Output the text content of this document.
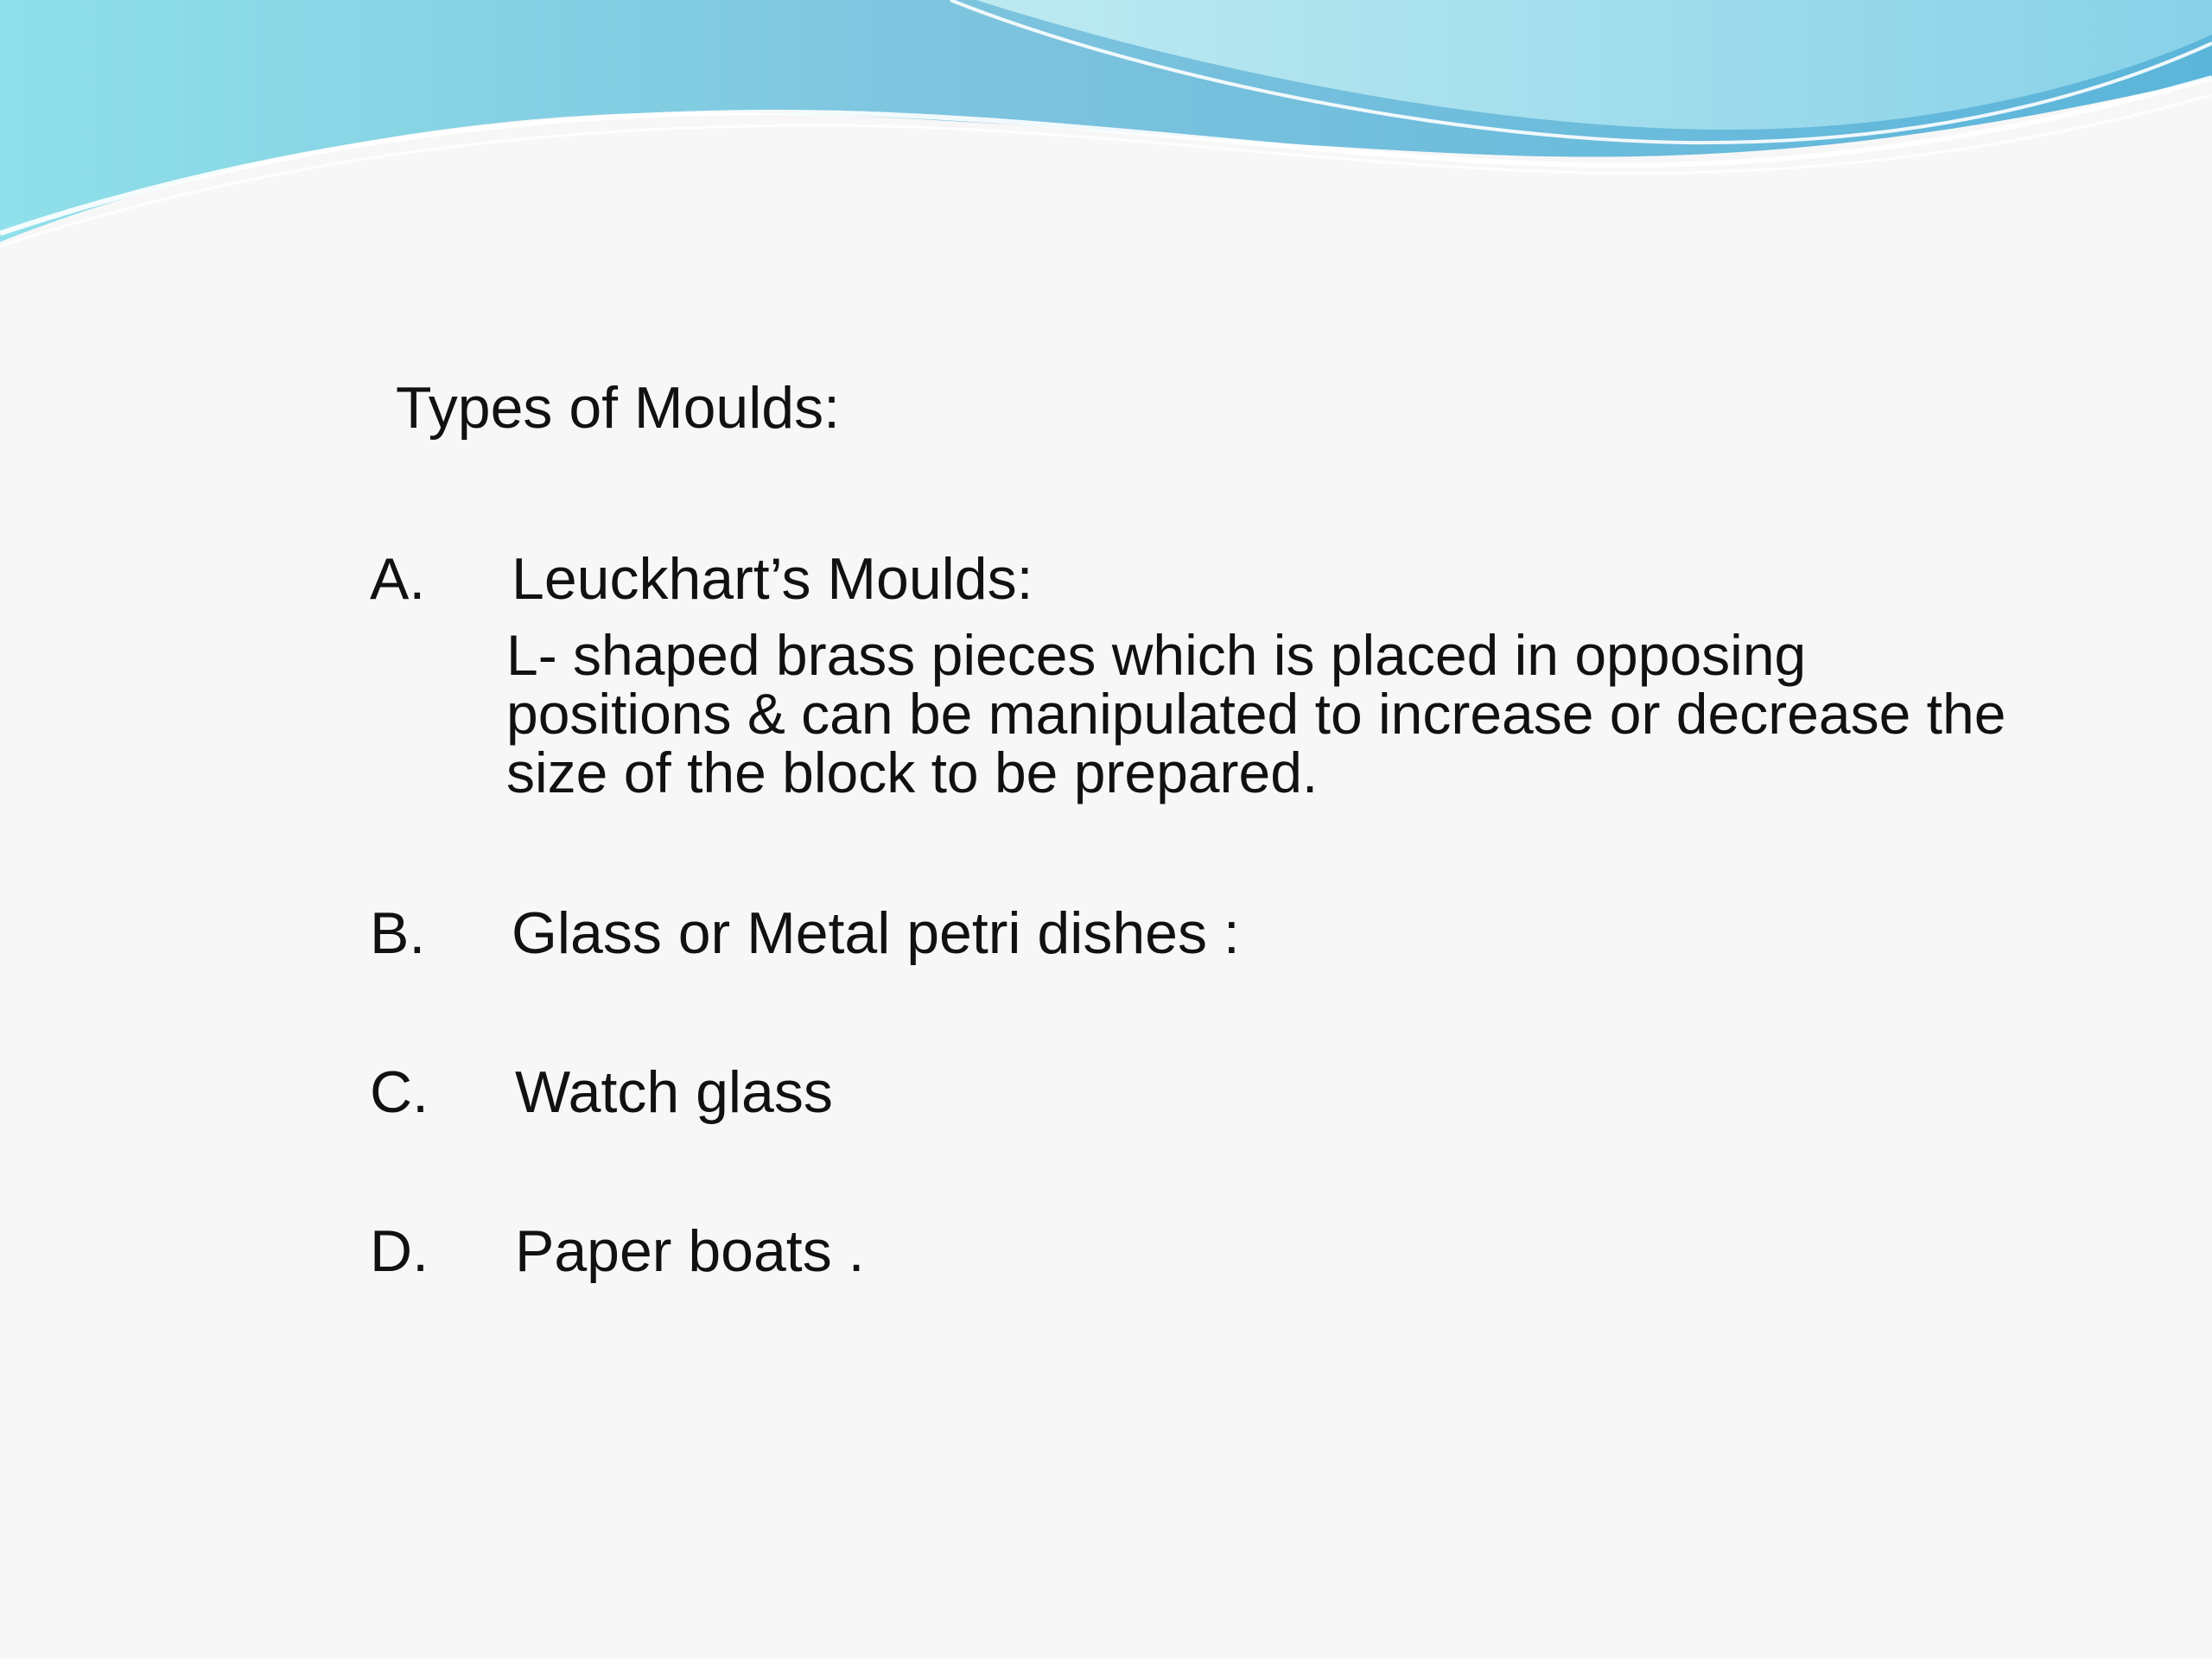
Types of Moulds:
A. Leuckhart’s Moulds:
L- shaped brass pieces which is placed in opposing
positions & can be manipulated to increase or decrease the
size of the block to be prepared.
B. Glass or Metal petri dishes :
C. Watch glass
D. Paper boats .
